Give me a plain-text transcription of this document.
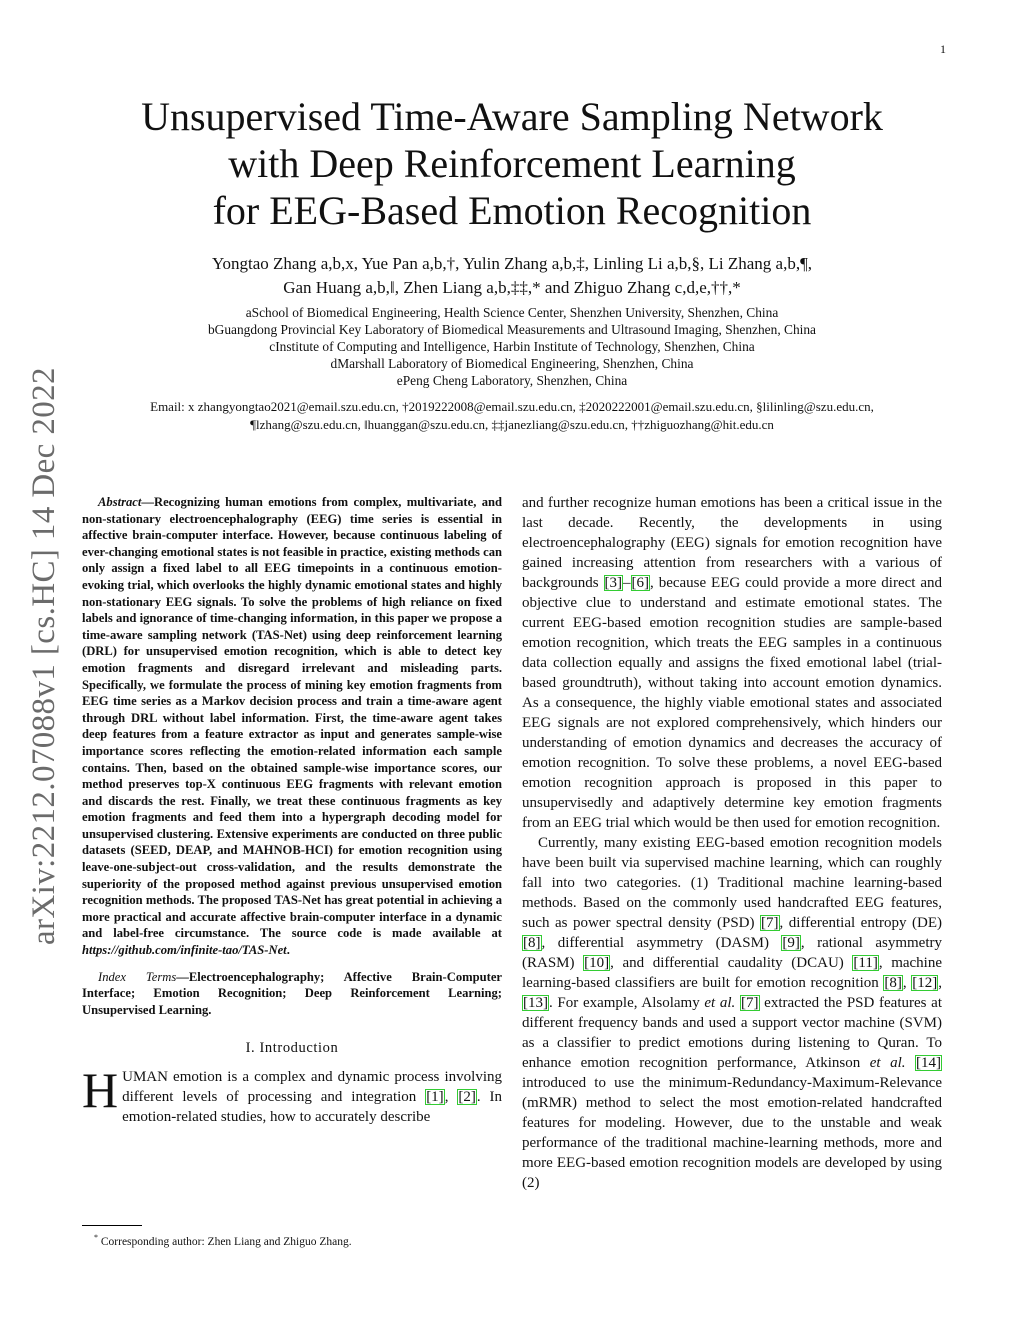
1
arXiv:2212.07088v1 [cs.HC] 14 Dec 2022
Unsupervised Time-Aware Sampling Network
with Deep Reinforcement Learning
for EEG-Based Emotion Recognition
Yongtao Zhang a,b,x, Yue Pan a,b,†, Yulin Zhang a,b,‡, Linling Li a,b,§, Li Zhang a,b,¶,
Gan Huang a,b,‖, Zhen Liang a,b,‡‡,* and Zhiguo Zhang c,d,e,††,*
aSchool of Biomedical Engineering, Health Science Center, Shenzhen University, Shenzhen, China
bGuangdong Provincial Key Laboratory of Biomedical Measurements and Ultrasound Imaging, Shenzhen, China
cInstitute of Computing and Intelligence, Harbin Institute of Technology, Shenzhen, China
dMarshall Laboratory of Biomedical Engineering, Shenzhen, China
ePeng Cheng Laboratory, Shenzhen, China
Email: x zhangyongtao2021@email.szu.edu.cn, †2019222008@email.szu.edu.cn, ‡2020222001@email.szu.edu.cn, §lilinling@szu.edu.cn,
¶lzhang@szu.edu.cn, ‖huanggan@szu.edu.cn, ‡‡janezliang@szu.edu.cn, ††zhiguozhang@hit.edu.cn

Abstract—Recognizing human emotions from complex, multivariate, and non-stationary electroencephalography (EEG) time series is essential in affective brain-computer interface. However, because continuous labeling of ever-changing emotional states is not feasible in practice, existing methods can only assign a fixed label to all EEG timepoints in a continuous emotion-evoking trial, which overlooks the highly dynamic emotional states and highly non-stationary EEG signals. To solve the problems of high reliance on fixed labels and ignorance of time-changing information, in this paper we propose a time-aware sampling network (TAS-Net) using deep reinforcement learning (DRL) for unsupervised emotion recognition, which is able to detect key emotion fragments and disregard irrelevant and misleading parts. Specifically, we formulate the process of mining key emotion fragments from EEG time series as a Markov decision process and train a time-aware agent through DRL without label information. First, the time-aware agent takes deep features from a feature extractor as input and generates sample-wise importance scores reflecting the emotion-related information each sample contains. Then, based on the obtained sample-wise importance scores, our method preserves top-X continuous EEG fragments with relevant emotion and discards the rest. Finally, we treat these continuous fragments as key emotion fragments and feed them into a hypergraph decoding model for unsupervised clustering. Extensive experiments are conducted on three public datasets (SEED, DEAP, and MAHNOB-HCI) for emotion recognition using leave-one-subject-out cross-validation, and the results demonstrate the superiority of the proposed method against previous unsupervised emotion recognition methods. The proposed TAS-Net has great potential in achieving a more practical and accurate affective brain-computer interface in a dynamic and label-free circumstance. The source code is made available at https://github.com/infinite-tao/TAS-Net.

Index Terms—Electroencephalography; Affective Brain-Computer Interface; Emotion Recognition; Deep Reinforcement Learning; Unsupervised Learning.

I. Introduction

HUMAN emotion is a complex and dynamic process involving different levels of processing and integration [1], [2]. In emotion-related studies, how to accurately describe

* Corresponding author: Zhen Liang and Zhiguo Zhang.

and further recognize human emotions has been a critical issue in the last decade. Recently, the developments in using electroencephalography (EEG) signals for emotion recognition have gained increasing attention from researchers with a various of backgrounds [3]–[6], because EEG could provide a more direct and objective clue to understand and estimate emotional states. The current EEG-based emotion recognition studies are sample-based emotion recognition, which treats the EEG samples in a continuous data collection equally and assigns the fixed emotional label (trial-based groundtruth), without taking into account emotion dynamics. As a consequence, the highly viable emotional states and associated EEG signals are not explored comprehensively, which hinders our understanding of emotion dynamics and decreases the accuracy of emotion recognition. To solve these problems, a novel EEG-based emotion recognition approach is proposed in this paper to unsupervisedly and adaptively determine key emotion fragments from an EEG trial which would be then used for emotion recognition.

Currently, many existing EEG-based emotion recognition models have been built via supervised machine learning, which can roughly fall into two categories. (1) Traditional machine learning-based methods. Based on the commonly used handcrafted EEG features, such as power spectral density (PSD) [7], differential entropy (DE) [8], differential asymmetry (DASM) [9], rational asymmetry (RASM) [10], and differential caudality (DCAU) [11], machine learning-based classifiers are built for emotion recognition [8], [12], [13]. For example, Alsolamy et al. [7] extracted the PSD features at different frequency bands and used a support vector machine (SVM) as a classifier to predict emotions during listening to Quran. To enhance emotion recognition performance, Atkinson et al. [14] introduced to use the minimum-Redundancy-Maximum-Relevance (mRMR) method to select the most emotion-related handcrafted features for modeling. However, due to the unstable and weak performance of the traditional machine-learning methods, more and more EEG-based emotion recognition models are developed by using (2)
